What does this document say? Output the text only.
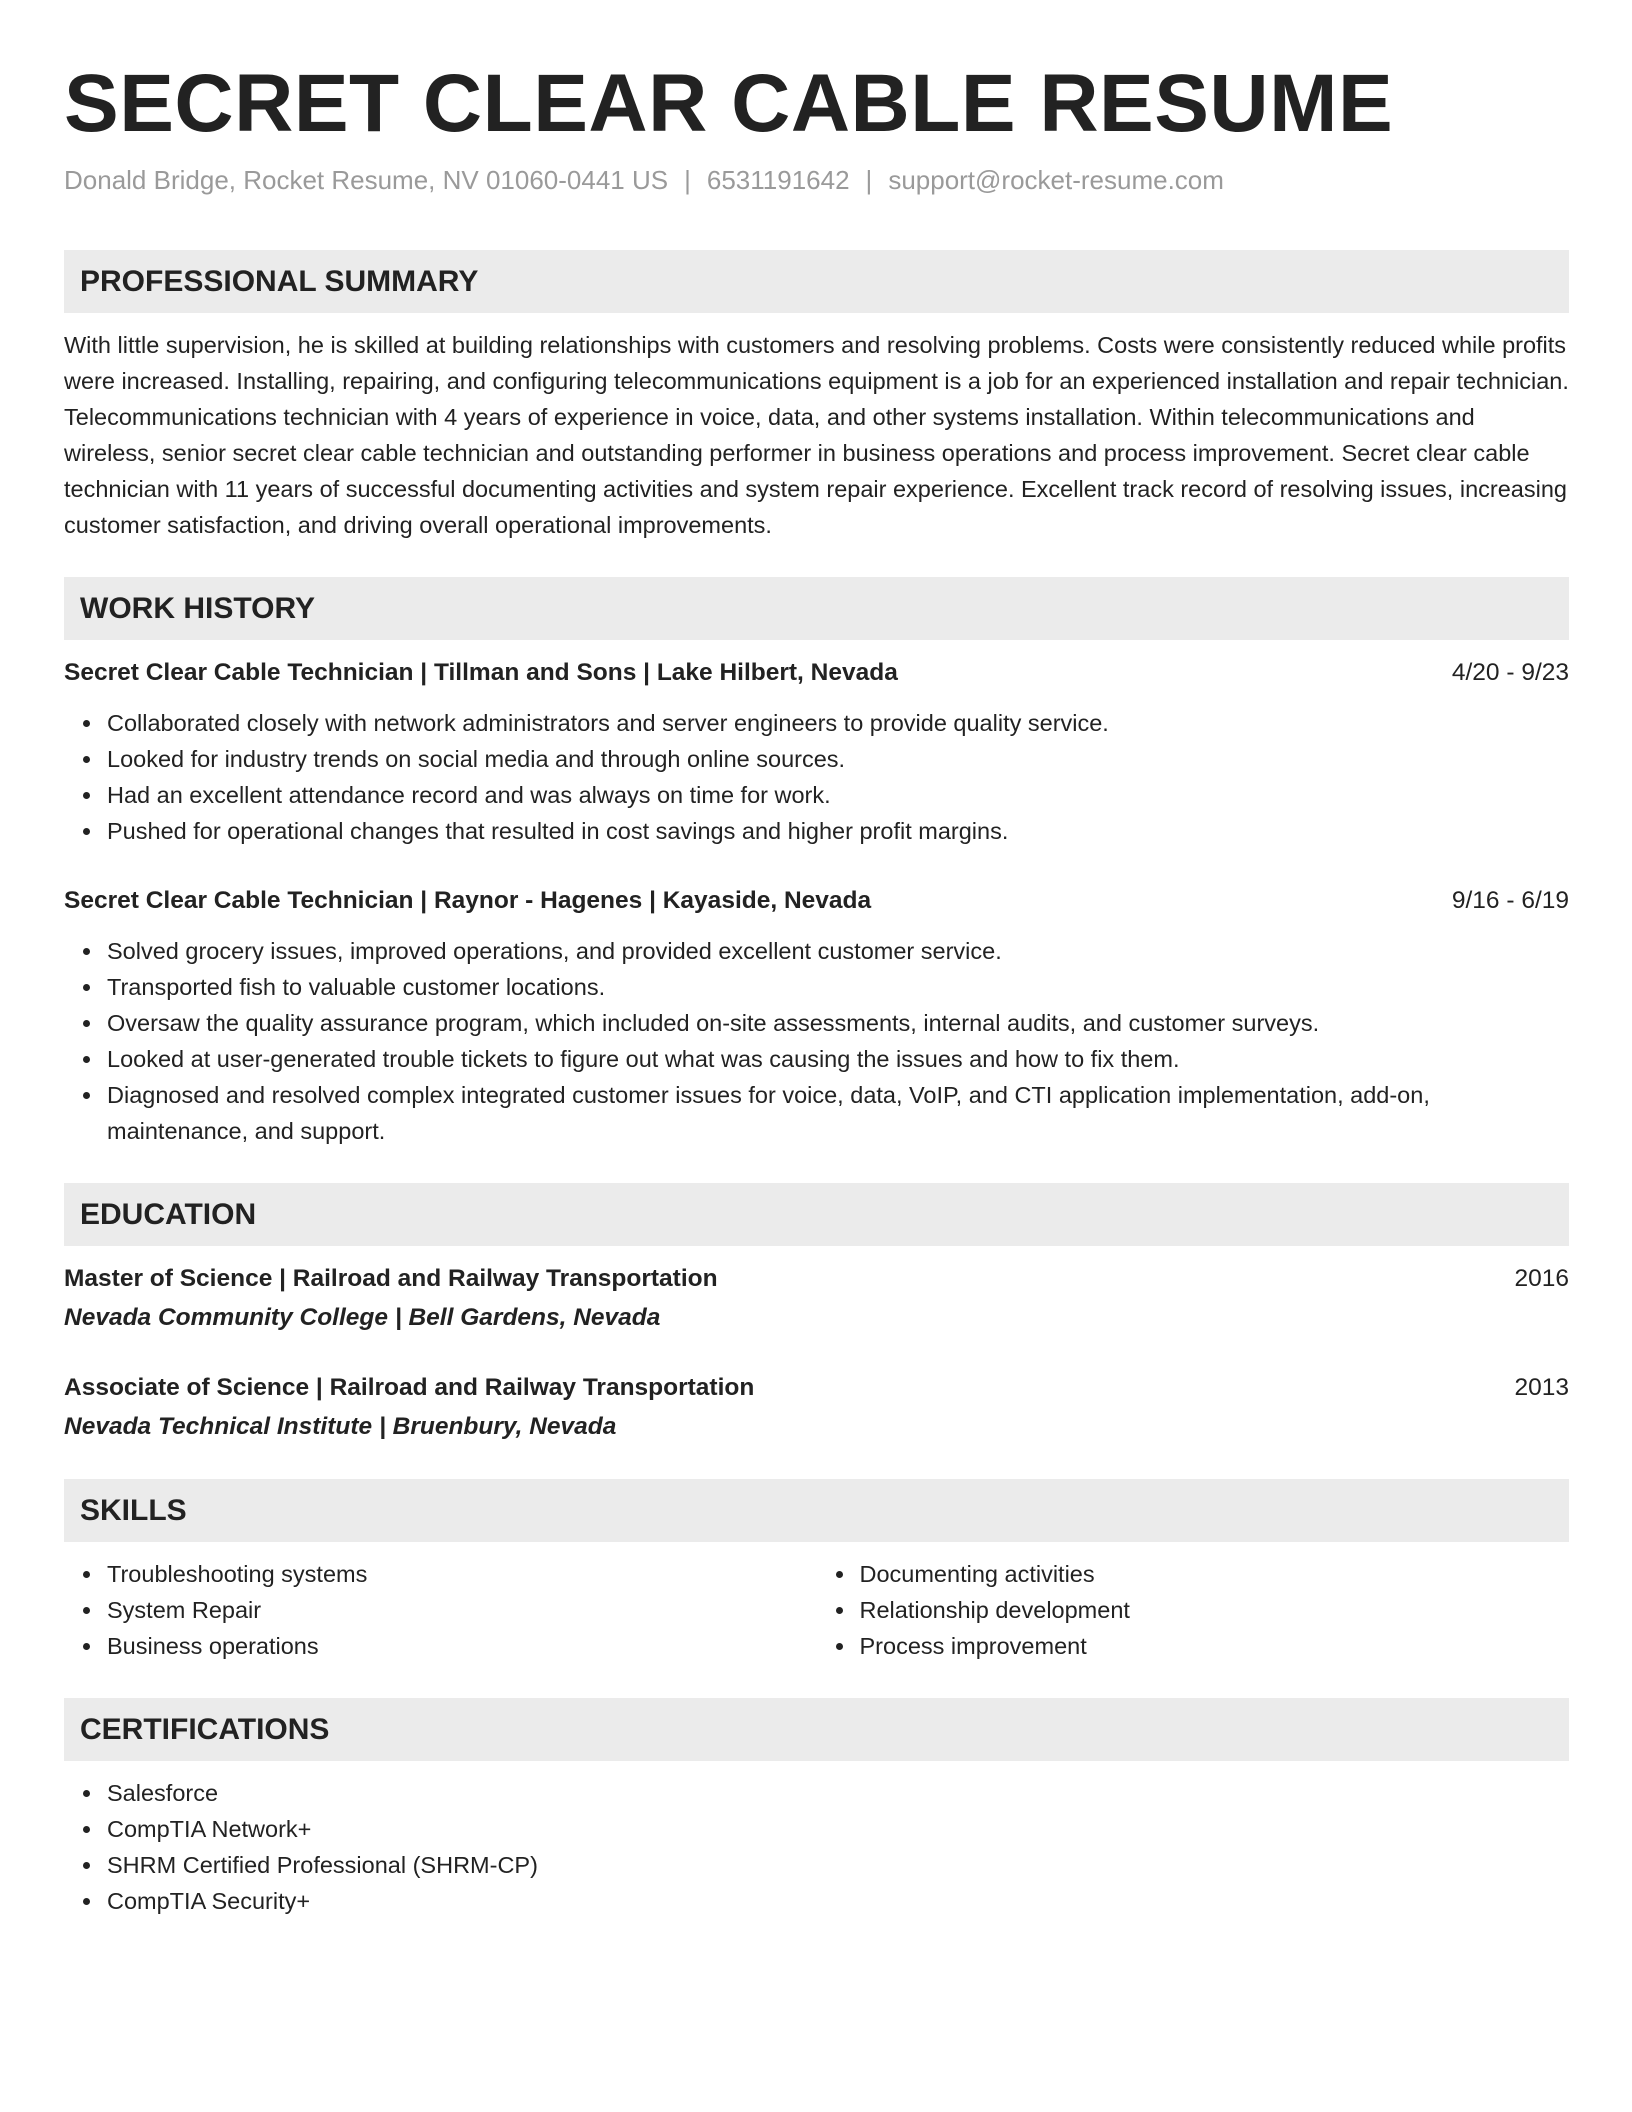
SECRET CLEAR CABLE RESUME
Donald Bridge, Rocket Resume, NV 01060-0441 US | 6531191642 | support@rocket-resume.com
PROFESSIONAL SUMMARY

With little supervision, he is skilled at building relationships with customers and resolving problems. Costs were consistently reduced while profits were increased. Installing, repairing, and configuring telecommunications equipment is a job for an experienced installation and repair technician. Telecommunications technician with 4 years of experience in voice, data, and other systems installation. Within telecommunications and wireless, senior secret clear cable technician and outstanding performer in business operations and process improvement. Secret clear cable technician with 11 years of successful documenting activities and system repair experience. Excellent track record of resolving issues, increasing customer satisfaction, and driving overall operational improvements.

WORK HISTORY
Secret Clear Cable Technician | Tillman and Sons | Lake Hilbert, Nevada	4/20 - 9/23
Collaborated closely with network administrators and server engineers to provide quality service.
Looked for industry trends on social media and through online sources.
Had an excellent attendance record and was always on time for work.
Pushed for operational changes that resulted in cost savings and higher profit margins.
Secret Clear Cable Technician | Raynor - Hagenes | Kayaside, Nevada	9/16 - 6/19
Solved grocery issues, improved operations, and provided excellent customer service.
Transported fish to valuable customer locations.
Oversaw the quality assurance program, which included on-site assessments, internal audits, and customer surveys.
Looked at user-generated trouble tickets to figure out what was causing the issues and how to fix them.
Diagnosed and resolved complex integrated customer issues for voice, data, VoIP, and CTI application implementation, add-on, maintenance, and support.
EDUCATION
Master of Science | Railroad and Railway Transportation	2016
Nevada Community College | Bell Gardens, Nevada
Associate of Science | Railroad and Railway Transportation	2013
Nevada Technical Institute | Bruenbury, Nevada
SKILLS
Troubleshooting systems
System Repair
Business operations
Documenting activities
Relationship development
Process improvement
CERTIFICATIONS
Salesforce
CompTIA Network+
SHRM Certified Professional (SHRM-CP)
CompTIA Security+
